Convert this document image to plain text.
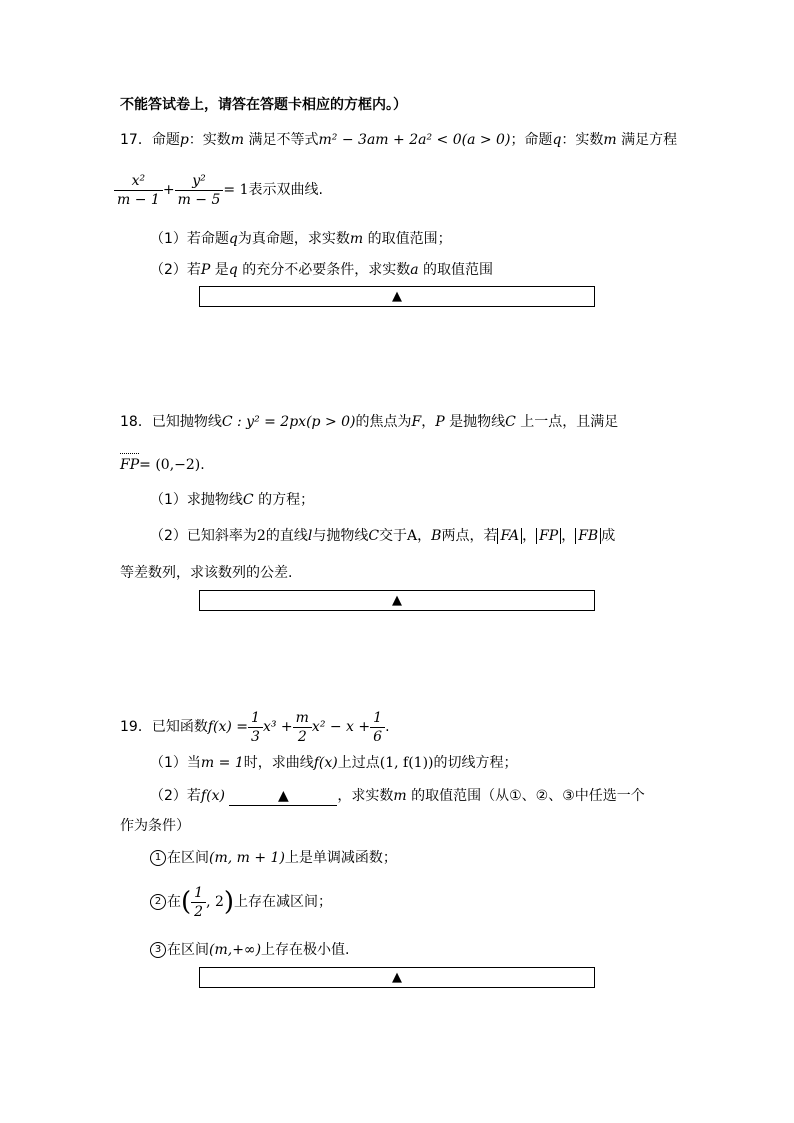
不能答试卷上，请答在答题卡相应的方框内。）
17．命题p：实数m 满足不等式m² − 3am + 2a² < 0(a > 0)；命题q：实数m 满足方程
$\frac{\text{x²}}{m - 1} + \frac{\text{y²}}{m - 5} = 1$表示双曲线.
（1）若命题q为真命题，求实数m 的取值范围；
（2）若P 是q 的充分不必要条件，求实数a 的取值范围
▲
18．已知抛物线C : y² = 2px(p > 0)的焦点为F，P 是抛物线C 上一点，且满足
FP= (0,−2).
（1）求抛物线C 的方程；
（2）已知斜率为2的直线l与抛物线C交于A，B两点，若 FA ， FP ， FB 成
等差数列，求该数列的公差.
▲
19．已知函数$f(x) = \frac{1}{3} x^3 + \frac{m}{2} x^2 - x + \frac{1}{6}$ .
（1）当m = 1时，求曲线f(x)上过点(1, f(1))的切线方程；
（2）若f(x)	▲	，求实数m 的取值范围（从①、②、③中任选一个
作为条件）
1 在区间(m, m + 1)上是单调减函数；
2 在( $\frac{1}{2}$ , 2)上存在减区间；
3 在区间(m,+∞)上存在极小值.
▲
